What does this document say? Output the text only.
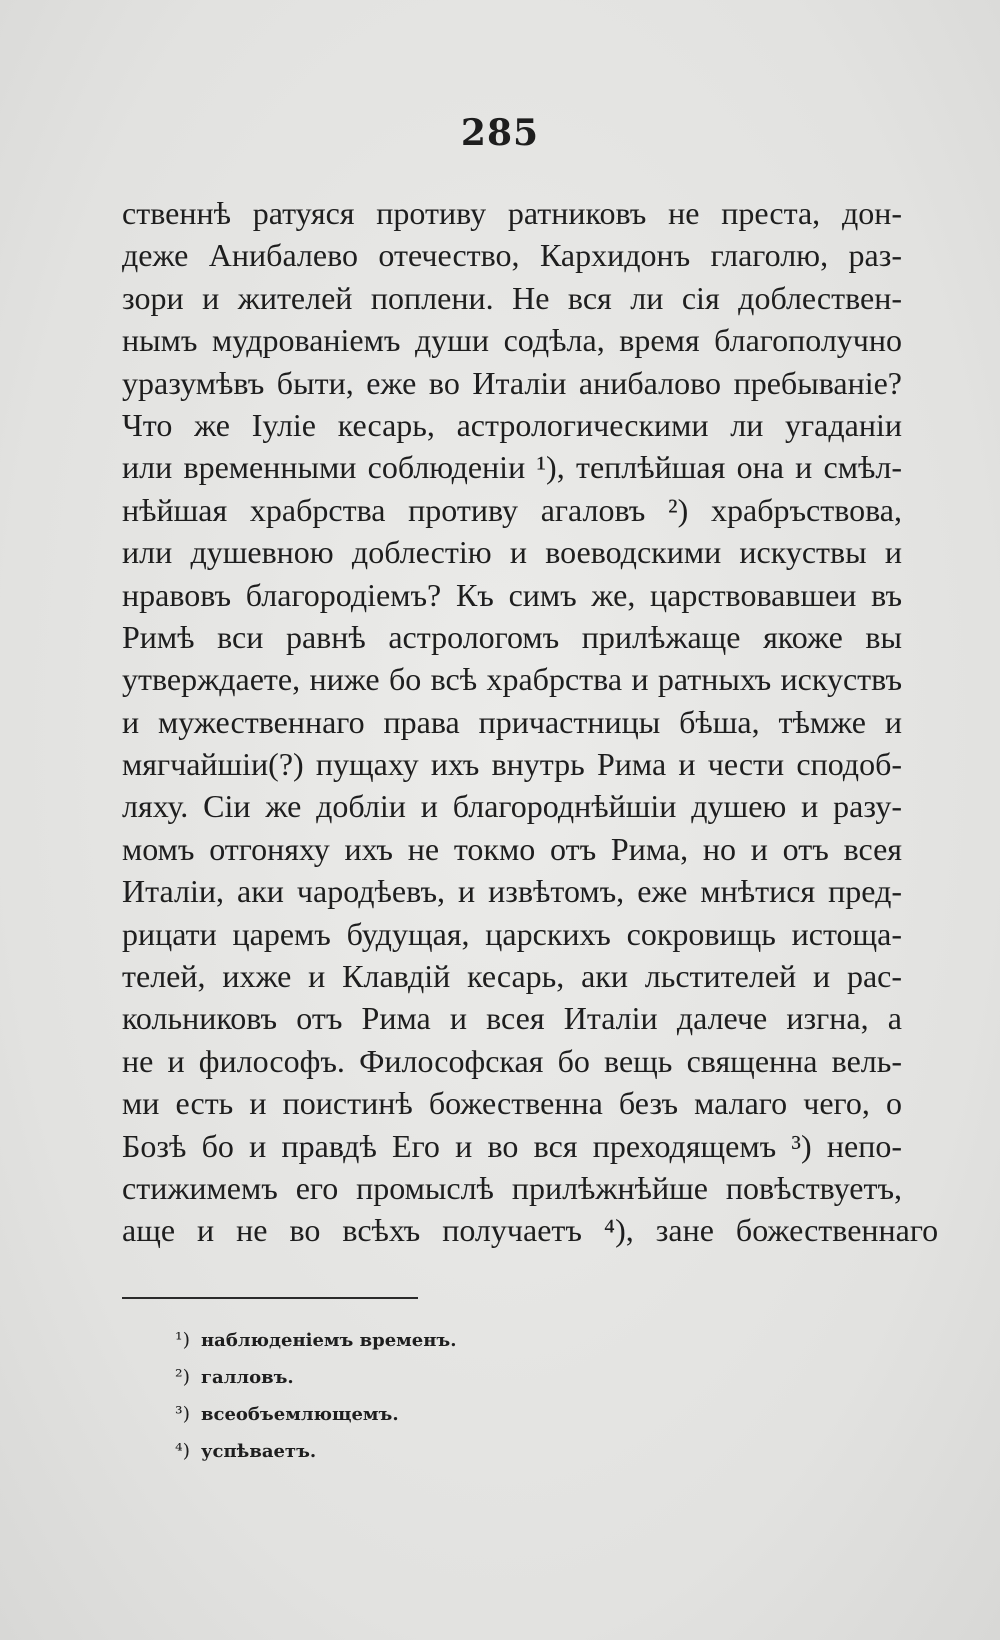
285
ственнѣ ратуяся противу ратниковъ не преста, дон-
деже Анибалево отечество, Кархидонъ глаголю, раз-
зори и жителей поплени. Не вся ли сія доблествен-
нымъ мудрованіемъ души содѣла, время благополучно
уразумѣвъ быти, еже во Италіи анибалово пребываніе?
Что же Іуліе кесарь, астрологическими ли угаданіи
или временными соблюденіи ¹), теплѣйшая она и смѣл-
нѣйшая храбрства противу агаловъ ²) храбръствова,
или душевною доблестію и воеводскими искуствы и
нравовъ благородіемъ? Къ симъ же, царствовавшеи въ
Римѣ вси равнѣ астрологомъ прилѣжаще якоже вы
утверждаете, ниже бо всѣ храбрства и ратныхъ искуствъ
и мужественнаго права причастницы бѣша, тѣмже и
мягчайшіи(?) пущаху ихъ внутрь Рима и чести сподоб-
ляху. Сіи же доблiи и благороднѣйшіи душею и разу-
момъ отгоняху ихъ не токмо отъ Рима, но и отъ всея
Италіи, аки чародѣевъ, и извѣтомъ, еже мнѣтися пред-
рицати царемъ будущая, царскихъ сокровищь истоща-
телей, ихже и Клавдій кесарь, аки льстителей и рас-
кольниковъ отъ Рима и всея Италіи далече изгна, а
не и философъ. Философская бо вещь священна вель-
ми есть и поистинѣ божественна безъ малаго чего, о
Бозѣ бо и правдѣ Его и во вся преходящемъ ³) непо-
стижимемъ его промыслѣ прилѣжнѣйше повѣствуетъ,
аще и не во всѣхъ получаетъ ⁴), зане божественнаго
¹) наблюденіемъ временъ.
²) галловъ.
³) всеобъемлющемъ.
⁴) успѣваетъ.
